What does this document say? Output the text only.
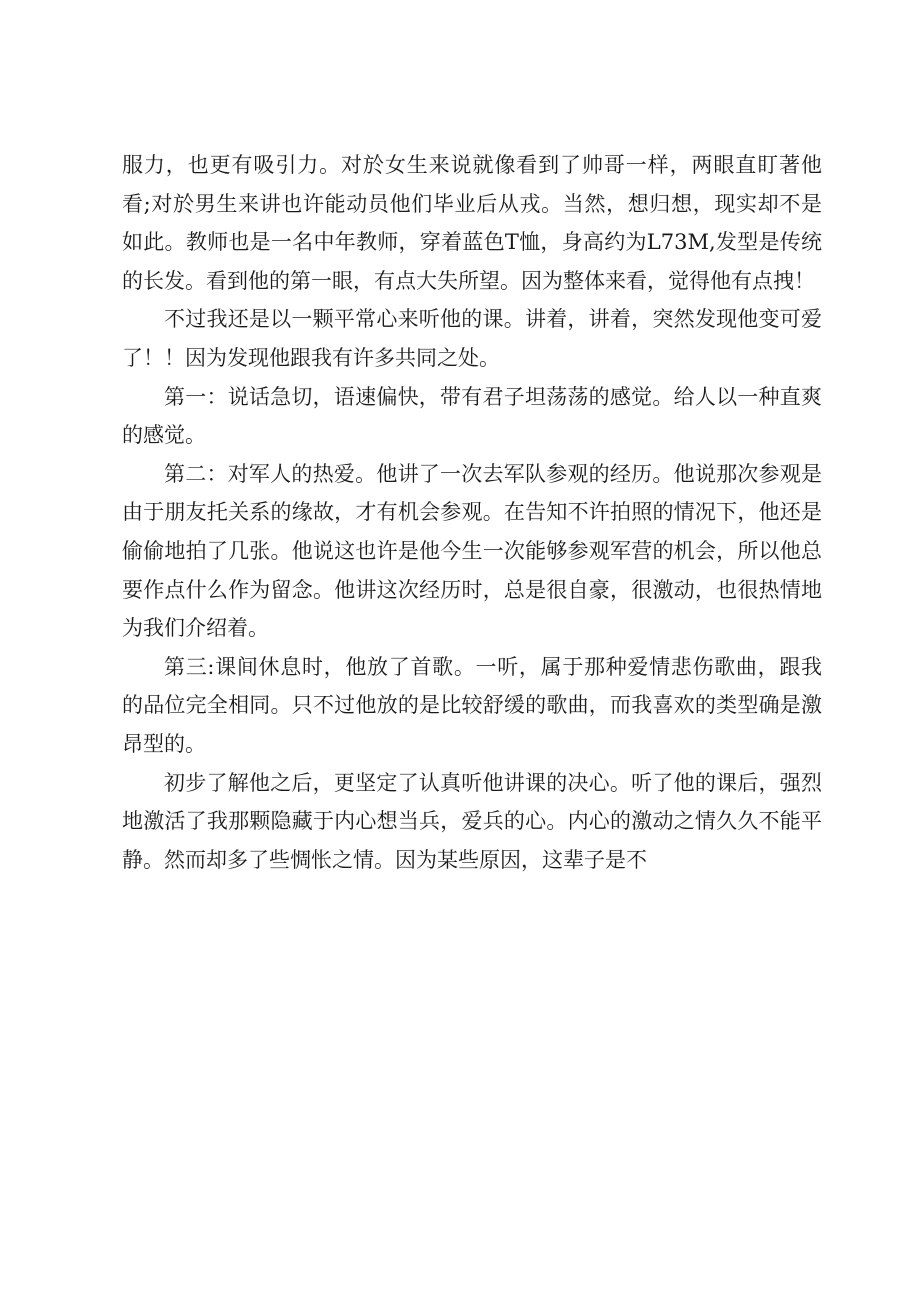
服力，也更有吸引力。对於女生来说就像看到了帅哥一样，两眼直盯著他看;对於男生来讲也许能动员他们毕业后从戎。当然，想归想，现实却不是如此。教师也是一名中年教师，穿着蓝色T恤，身高约为L73M,发型是传统的长发。看到他的第一眼，有点大失所望。因为整体来看，觉得他有点拽！

不过我还是以一颗平常心来听他的课。讲着，讲着，突然发现他变可爱了！！因为发现他跟我有许多共同之处。

第一：说话急切，语速偏快，带有君子坦荡荡的感觉。给人以一种直爽的感觉。

第二：对军人的热爱。他讲了一次去军队参观的经历。他说那次参观是由于朋友托关系的缘故，才有机会参观。在告知不许拍照的情况下，他还是偷偷地拍了几张。他说这也许是他今生一次能够参观军营的机会，所以他总要作点什么作为留念。他讲这次经历时，总是很自豪，很激动，也很热情地为我们介绍着。

第三:课间休息时，他放了首歌。一听，属于那种爱情悲伤歌曲，跟我的品位完全相同。只不过他放的是比较舒缓的歌曲，而我喜欢的类型确是激昂型的。

初步了解他之后，更坚定了认真听他讲课的决心。听了他的课后，强烈地激活了我那颗隐藏于内心想当兵，爱兵的心。内心的激动之情久久不能平静。然而却多了些惆怅之情。因为某些原因，这辈子是不
